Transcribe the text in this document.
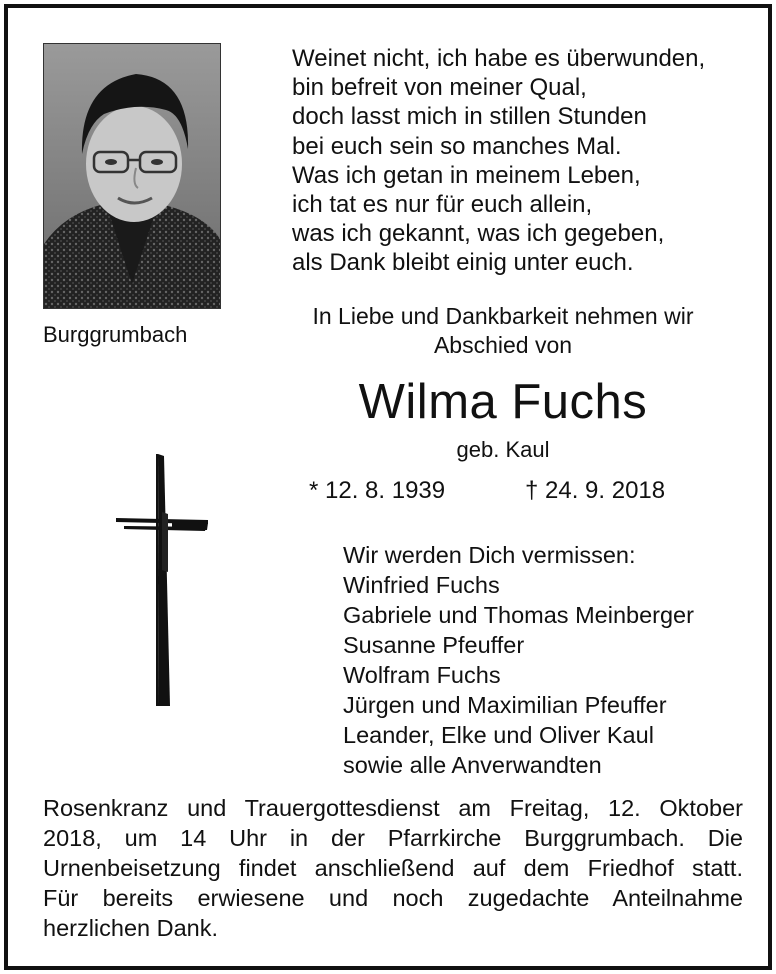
Burggrumbach
Weinet nicht, ich habe es überwunden,
bin befreit von meiner Qual,
doch lasst mich in stillen Stunden
bei euch sein so manches Mal.
Was ich getan in meinem Leben,
ich tat es nur für euch allein,
was ich gekannt, was ich gegeben,
als Dank bleibt einig unter euch.
In Liebe und Dankbarkeit nehmen wir
Abschied von
Wilma Fuchs
geb. Kaul
* 12. 8. 1939	† 24. 9. 2018
Wir werden Dich vermissen:
Winfried Fuchs
Gabriele und Thomas Meinberger
Susanne Pfeuffer
Wolfram Fuchs
Jürgen und Maximilian Pfeuffer
Leander, Elke und Oliver Kaul
sowie alle Anverwandten
Rosenkranz und Trauergottesdienst am Freitag, 12. Oktober
2018, um 14 Uhr in der Pfarrkirche Burggrumbach. Die
Urnenbeisetzung findet anschließend auf dem Friedhof statt.
Für bereits erwiesene und noch zugedachte Anteilnahme
herzlichen Dank.
